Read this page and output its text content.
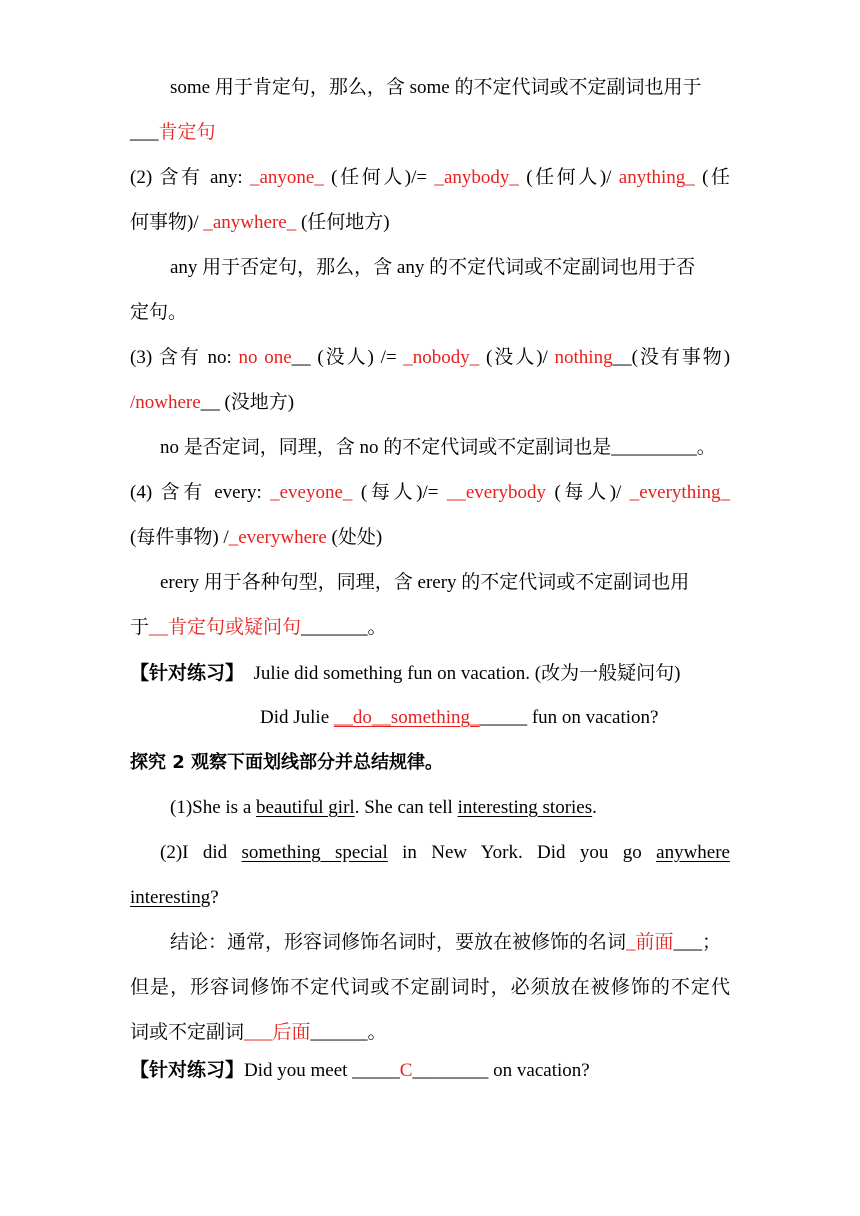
some 用于肯定句，那么，含 some 的不定代词或不定副词也用于
___肯定句
(2) 含有 any: _anyone_ (任何人)/= _anybody_ (任何人)/ anything_ (任
何事物)/ _anywhere_ (任何地方)
any 用于否定句，那么，含 any 的不定代词或不定副词也用于否
定句。
(3) 含有 no: no one__ (没人) /= _nobody_ (没人)/ nothing__(没有事物)
/nowhere__ (没地方)
no 是否定词，同理，含 no 的不定代词或不定副词也是_________。
(4) 含有 every: _eveyone_ (每人)/= __everybody (每人)/ _everything_
(每件事物) /_everywhere (处处)
erery 用于各种句型，同理，含 erery 的不定代词或不定副词也用
于__肯定句或疑问句_______。
【针对练习】 Julie did something fun on vacation. (改为一般疑问句)
Did Julie __do__something______ fun on vacation?
探究 2 观察下面划线部分并总结规律。
(1)She is a beautiful girl. She can tell interesting stories.
(2)I did something special in New York. Did you go anywhere
interesting?
结论：通常，形容词修饰名词时，要放在被修饰的名词_前面___；
但是，形容词修饰不定代词或不定副词时，必须放在被修饰的不定代
词或不定副词___后面______。
【针对练习】Did you meet _____C________ on vacation?
